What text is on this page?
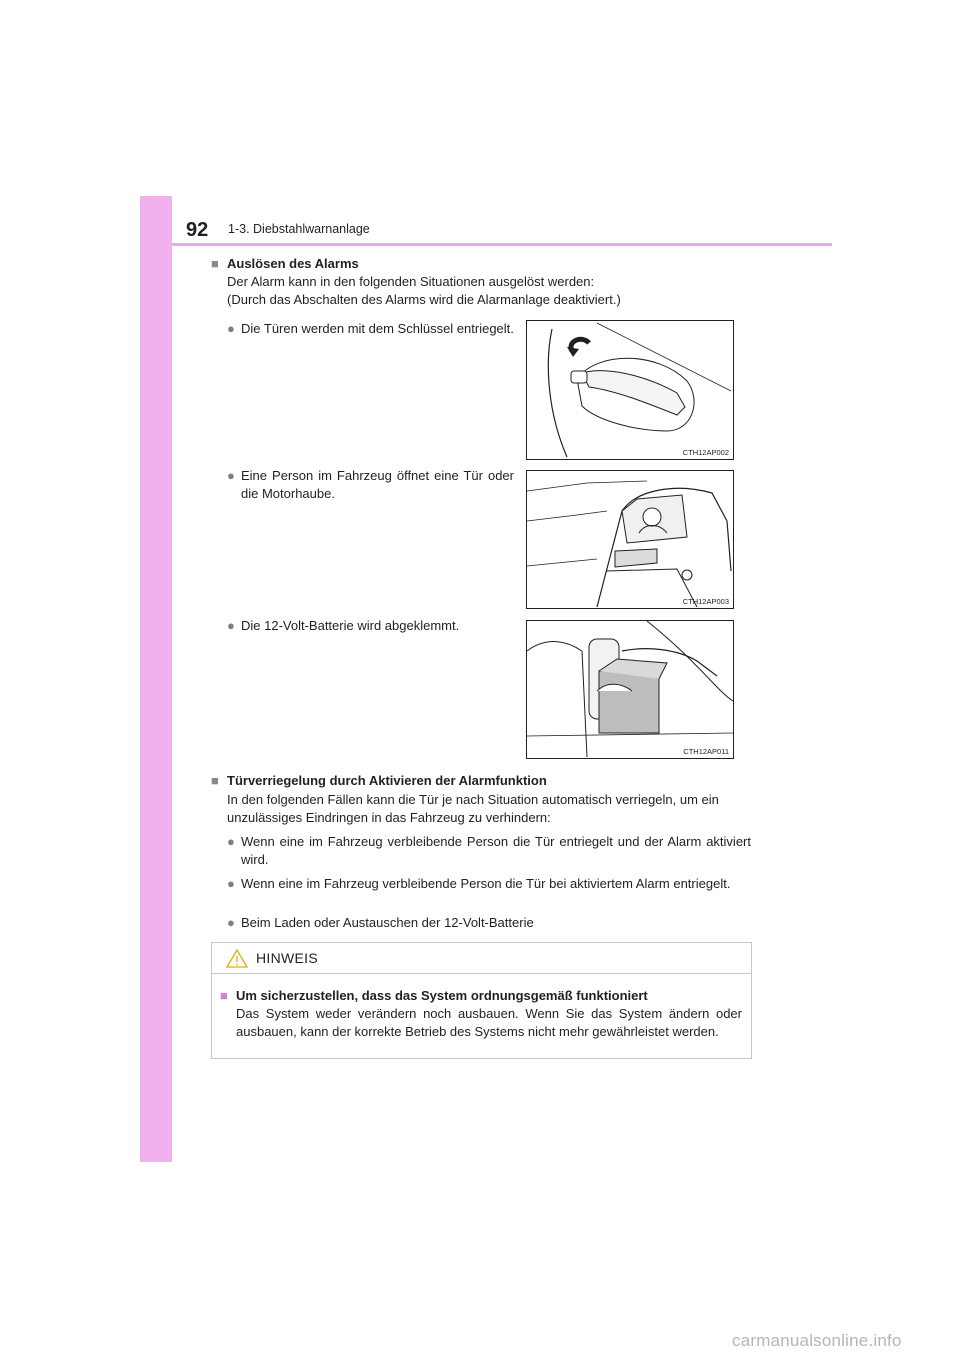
92 1-3. Diebstahlwarnanlage
■ Auslösen des Alarms
Der Alarm kann in den folgenden Situationen ausgelöst werden:
(Durch das Abschalten des Alarms wird die Alarmanlage deaktiviert.)
● Die Türen werden mit dem Schlüssel entriegelt.
● Eine Person im Fahrzeug öffnet eine Tür oder die Motorhaube.
● Die 12-Volt-Batterie wird abgeklemmt.
CTH12AP002
CTH12AP003
CTH12AP011
■ Türverriegelung durch Aktivieren der Alarmfunktion
In den folgenden Fällen kann die Tür je nach Situation automatisch verriegeln, um ein unzulässiges Eindringen in das Fahrzeug zu verhindern:
● Wenn eine im Fahrzeug verbleibende Person die Tür entriegelt und der Alarm aktiviert wird.
● Wenn eine im Fahrzeug verbleibende Person die Tür bei aktiviertem Alarm entriegelt.
● Beim Laden oder Austauschen der 12-Volt-Batterie
HINWEIS
■ Um sicherzustellen, dass das System ordnungsgemäß funktioniert
Das System weder verändern noch ausbauen. Wenn Sie das System ändern oder ausbauen, kann der korrekte Betrieb des Systems nicht mehr gewährleistet werden.
carmanualsonline.info
